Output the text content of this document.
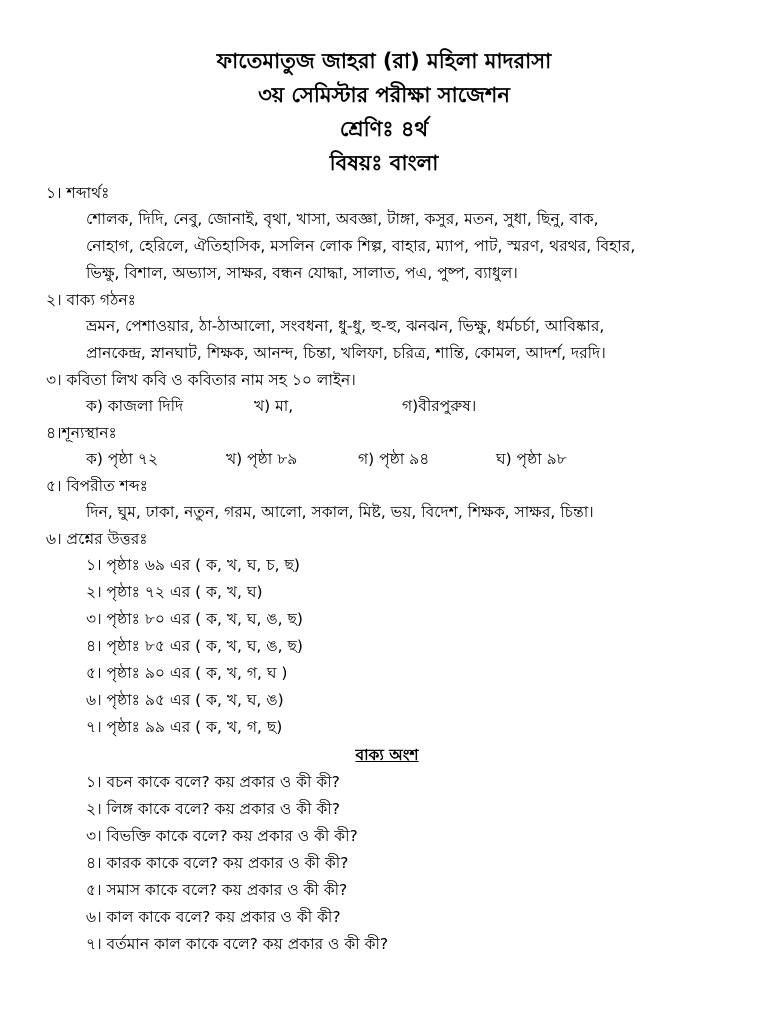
ফাতেমাতুজ জাহরা (রা) মহিলা মাদরাসা
৩য় সেমিস্টার পরীক্ষা সাজেশন
শ্রেণিঃ ৪র্থ
বিষয়ঃ বাংলা
১। শব্দার্থঃ
শোলক, দিদি, নেবু, জোনাই, বৃথা, খাসা, অবজ্ঞা, টাঙ্গা, কসুর, মতন, সুধা, ছিনু, বাক,
নোহাগ, হেরিলে, ঐতিহাসিক, মসলিন লোক শিল্প, বাহার, ম্যাপ, পাট, স্মরণ, থরথর, বিহার,
ভিক্ষু, বিশাল, অভ্যাস, সাক্ষর, বন্ধন যোদ্ধা, সালাত, পএ, পুষ্প, ব্যাধুল।
২। বাক্য গঠনঃ
ভ্রমন, পেশাওয়ার, ঠা-ঠাআলো, সংবধনা, ধু-ধু, হু-হু, ঝনঝন, ভিক্ষু, ধর্মচর্চা, আবিষ্কার,
প্রানকেন্দ্র, স্নানঘাট, শিক্ষক, আনন্দ, চিন্তা, খলিফা, চরিত্র, শান্তি, কোমল, আদর্শ, দরদি।
৩। কবিতা লিখ কবি ও কবিতার নাম সহ ১০ লাইন।
ক) কাজলা দিদি	খ) মা,	গ)বীরপুরুষ।
৪।শূন্যস্থানঃ
ক) পৃষ্ঠা ৭২	খ) পৃষ্ঠা ৮৯	গ) পৃষ্ঠা ৯৪	ঘ) পৃষ্ঠা ৯৮
৫। বিপরীত শব্দঃ
দিন, ঘুম, ঢাকা, নতুন, গরম, আলো, সকাল, মিষ্ট, ভয়, বিদেশ, শিক্ষক, সাক্ষর, চিন্তা।
৬। প্রশ্নের উত্তরঃ
১। পৃষ্ঠাঃ ৬৯ এর ( ক, খ, ঘ, চ, ছ)
২। পৃষ্ঠাঃ ৭২ এর ( ক, খ, ঘ)
৩। পৃষ্ঠাঃ ৮০ এর ( ক, খ, ঘ, ঙ, ছ)
৪। পৃষ্ঠাঃ ৮৫ এর ( ক, খ, ঘ, ঙ, ছ)
৫। পৃষ্ঠাঃ ৯০ এর ( ক, খ, গ, ঘ )
৬। পৃষ্ঠাঃ ৯৫ এর ( ক, খ, ঘ, ঙ)
৭। পৃষ্ঠাঃ ৯৯ এর ( ক, খ, গ, ছ)
বাক্য অংশ
১। বচন কাকে বলে? কয় প্রকার ও কী কী?
২। লিঙ্গ কাকে বলে? কয় প্রকার ও কী কী?
৩। বিভক্তি কাকে বলে? কয় প্রকার ও কী কী?
৪। কারক কাকে বলে? কয় প্রকার ও কী কী?
৫। সমাস কাকে বলে? কয় প্রকার ও কী কী?
৬। কাল কাকে বলে? কয় প্রকার ও কী কী?
৭। বর্তমান কাল কাকে বলে? কয় প্রকার ও কী কী?
